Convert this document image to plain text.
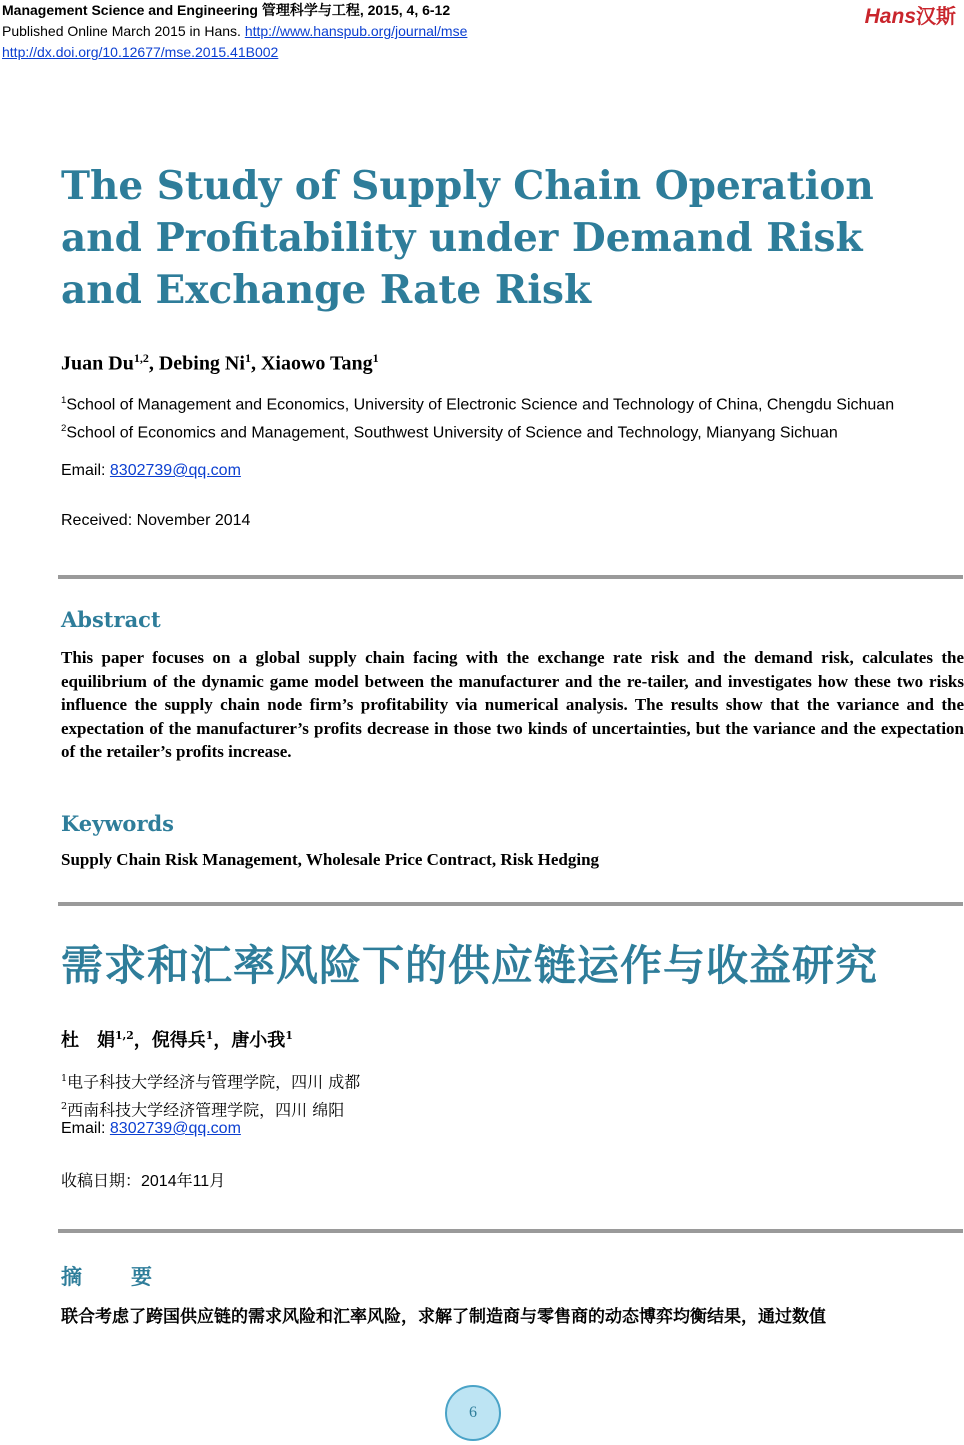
Management Science and Engineering 管理科学与工程, 2015, 4, 6-12
Published Online March 2015 in Hans. http://www.hanspub.org/journal/mse
http://dx.doi.org/10.12677/mse.2015.41B002
Hans汉斯
The Study of Supply Chain Operation and Profitability under Demand Risk and Exchange Rate Risk
Juan Du$^{1,2}$, Debing Ni$^1$, Xiaowo Tang$^1$
$^1$School of Management and Economics, University of Electronic Science and Technology of China, Chengdu Sichuan
$^2$School of Economics and Management, Southwest University of Science and Technology, Mianyang Sichuan
Email: 8302739@qq.com
Received: November 2014
Abstract

This paper focuses on a global supply chain facing with the exchange rate risk and the demand risk, calculates the equilibrium of the dynamic game model between the manufacturer and the re-tailer, and investigates how these two risks influence the supply chain node firm’s profitability via numerical analysis. The results show that the variance and the expectation of the manufacturer’s profits decrease in those two kinds of uncertainties, but the variance and the expectation of the retailer’s profits increase.

Keywords
Supply Chain Risk Management, Wholesale Price Contract, Risk Hedging
需求和汇率风险下的供应链运作与收益研究
杜　娟$^{1,2}$，倪得兵$^1$，唐小我$^1$
$^1$电子科技大学经济与管理学院，四川 成都
$^2$西南科技大学经济管理学院，四川 绵阳
Email: 8302739@qq.com
收稿日期：2014年11月
摘　要
联合考虑了跨国供应链的需求风险和汇率风险，求解了制造商与零售商的动态博弈均衡结果，通过数值
6
